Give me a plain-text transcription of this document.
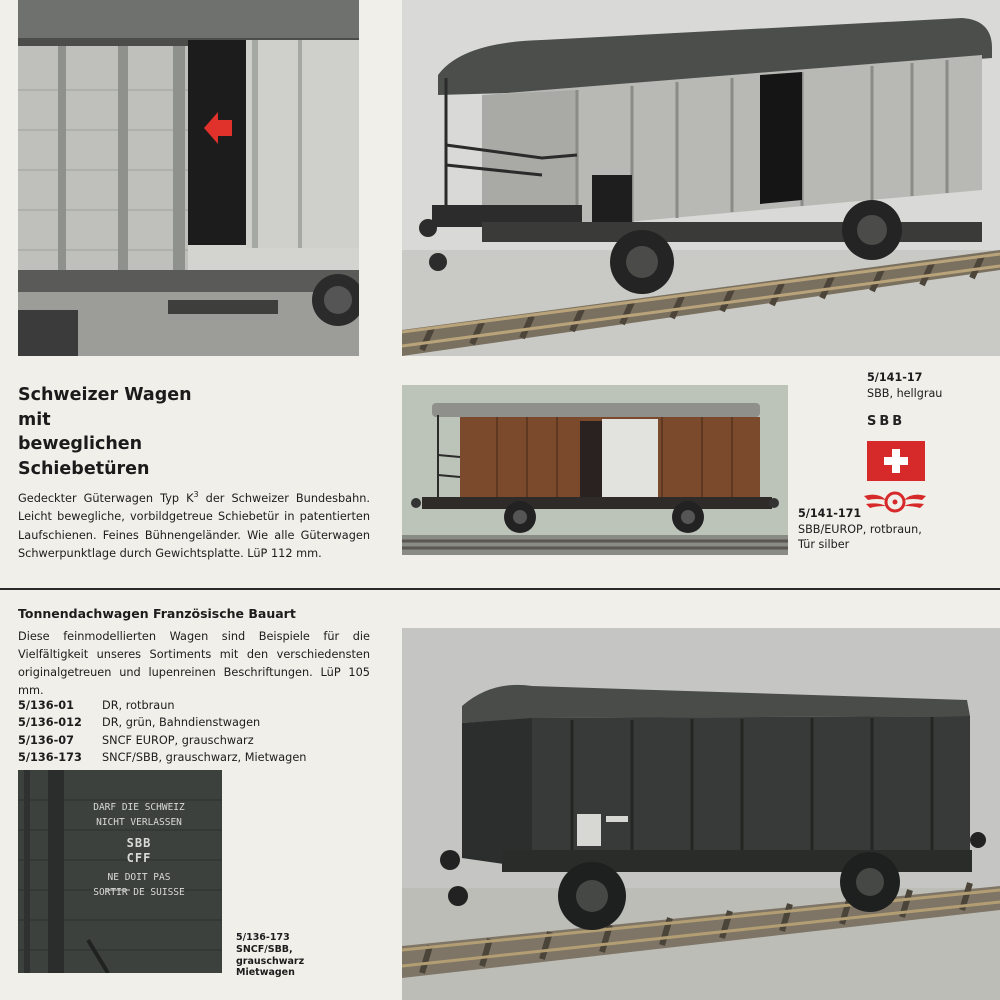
Schweizer Wagen
mit
beweglichen
Schiebetüren
Gedeckter Güterwagen Typ $K^3$ der Schweizer Bundesbahn. Leicht bewegliche, vorbildgetreue Schiebetür in patentierten Laufschienen. Feines Bühnengeländer. Wie alle Güterwagen Schwerpunktlage durch Gewichtsplatte. LüP 112 mm.
5/141-17
SBB, hellgrau
SBB
5/141-171
SBB/EUROP, rotbraun,
Tür silber
Tonnendachwagen Französische Bauart
Diese feinmodellierten Wagen sind Beispiele für die Vielfältigkeit unseres Sortiments mit den verschiedensten originalgetreuen und lupenreinen Beschriftungen. LüP 105 mm.
5/136-01	DR, rotbraun
5/136-012	DR, grün, Bahndienstwagen
5/136-07	SNCF EUROP, grauschwarz
5/136-173	SNCF/SBB, grauschwarz, Mietwagen
DARF DIE SCHWEIZ
NICHT VERLASSEN
SBB
CFF
NE DOIT PAS
SORTIR DE SUISSE
5/136-173
SNCF/SBB,
grauschwarz
Mietwagen
